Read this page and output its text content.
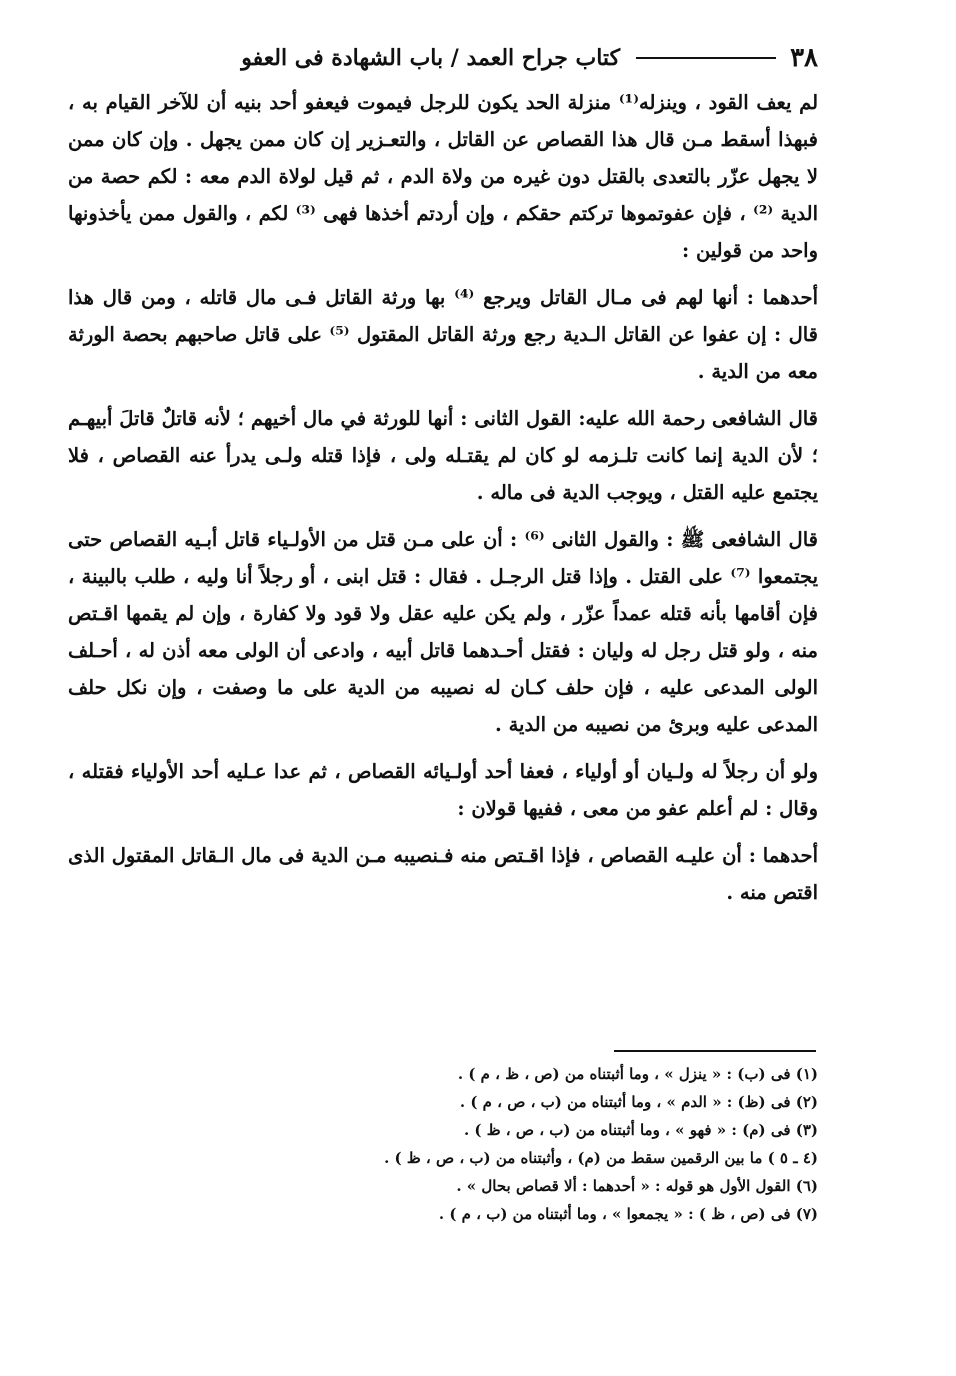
٣٨
كتاب جراح العمد / باب الشهادة فى العفو

لم يعف القود ، وينزله⁽¹⁾ منزلة الحد يكون للرجل فيموت فيعفو أحد بنيه أن للآخر القيام به ، فبهذا أسقط مـن قال هذا القصاص عن القاتل ، والتعـزير إن كان ممن يجهل . وإن كان ممن لا يجهل عزّر بالتعدى بالقتل دون غيره من ولاة الدم ، ثم قيل لولاة الدم معه : لكم حصة من الدية ⁽²⁾ ، فإن عفوتموها تركتم حقكم ، وإن أردتم أخذها فهى ⁽³⁾ لكم ، والقول ممن يأخذونها واحد من قولين :

أحدهما : أنها لهم فى مـال القاتل ويرجع ⁽⁴⁾ بها ورثة القاتل فـى مال قاتله ، ومن قال هذا قال : إن عفوا عن القاتل الـدية رجع ورثة القاتل المقتول ⁽⁵⁾ على قاتل صاحبهم بحصة الورثة معه من الدية .

قال الشافعى رحمة الله عليه: القول الثانى : أنها للورثة في مال أخيهم ؛ لأنه قاتلٌ قاتلَ أبيهـم ؛ لأن الدية إنما كانت تلـزمه لو كان لم يقتـله ولى ، فإذا قتله ولـى يدرأ عنه القصاص ، فلا يجتمع عليه القتل ، ويوجب الدية فى ماله .

قال الشافعى ﷺ : والقول الثانى ⁽⁶⁾ : أن على مـن قتل من الأولـياء قاتل أبـيه القصاص حتى يجتمعوا ⁽⁷⁾ على القتل . وإذا قتل الرجـل . فقال : قتل ابنى ، أو رجلاً أنا وليه ، طلب بالبينة ، فإن أقامها بأنه قتله عمداً عزّر ، ولم يكن عليه عقل ولا قود ولا كفارة ، وإن لم يقمها اقـتص منه ، ولو قتل رجل له وليان : فقتل أحـدهما قاتل أبيه ، وادعى أن الولى معه أذن له ، أحـلف الولى المدعى عليه ، فإن حلف كـان له نصيبه من الدية على ما وصفت ، وإن نكل حلف المدعى عليه وبرئ من نصيبه من الدية .

ولو أن رجلاً له ولـيان أو أولياء ، فعفا أحد أولـيائه القصاص ، ثم عدا عـليه أحد الأولياء فقتله ، وقال : لم أعلم عفو من معى ، ففيها قولان :

أحدهما : أن عليـه القصاص ، فإذا اقـتص منه فـنصيبه مـن الدية فى مال الـقاتل المقتول الذى اقتص منه .

(١) فى (ب) : « ينزل » ، وما أثبتناه من (ص ، ظ ، م ) .
(٢) فى (ظ) : « الدم » ، وما أثبتناه من (ب ، ص ، م ) .
(٣) فى (م) : « فهو » ، وما أثبتناه من (ب ، ص ، ظ ) .
(٤ ـ ٥ ) ما بين الرقمين سقط من (م) ، وأثبتناه من (ب ، ص ، ظ ) .
(٦) القول الأول هو قوله : « أحدهما : ألا قصاص بحال » .
(٧) فى (ص ، ظ ) : « يجمعوا » ، وما أثبتناه من (ب ، م ) .
